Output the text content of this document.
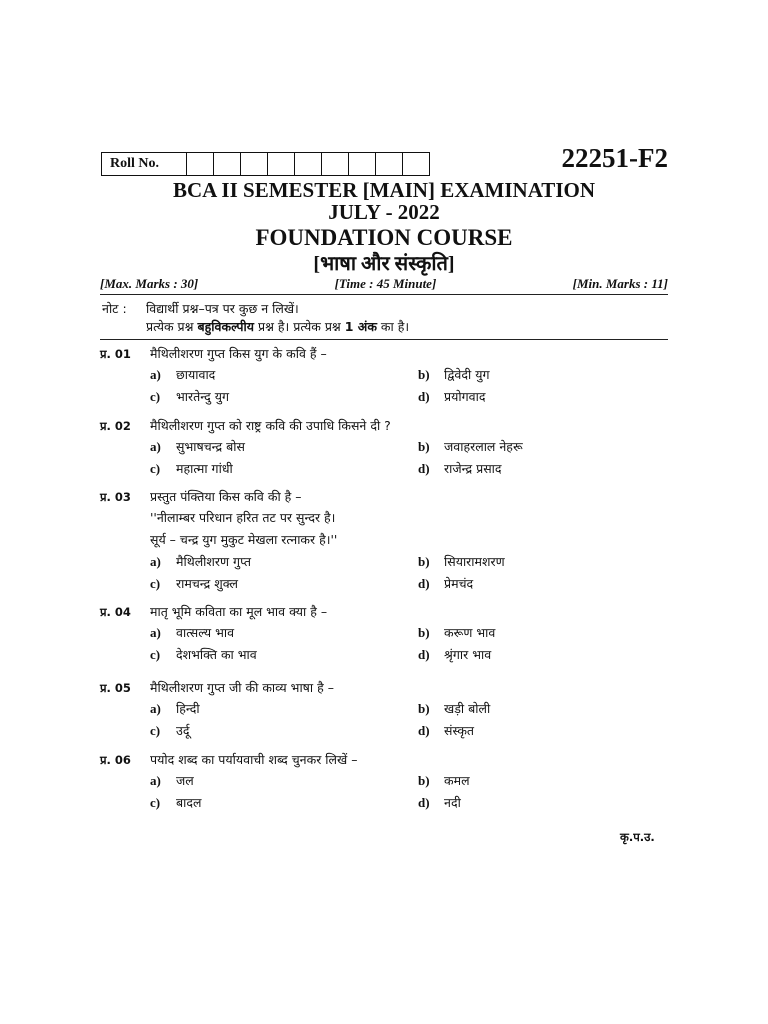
Roll No.	22251-F2
BCA II SEMESTER [MAIN] EXAMINATION
JULY - 2022
FOUNDATION COURSE
[भाषा और संस्कृति]
[Max. Marks : 30]	[Time : 45 Minute]	[Min. Marks : 11]
नोट : विद्यार्थी प्रश्न–पत्र पर कुछ न लिखें।
प्रत्येक प्रश्न बहुविकल्पीय प्रश्न है। प्रत्येक प्रश्न 1 अंक का है।
प्र. 01	मैथिलीशरण गुप्त किस युग के कवि हैं –
a)	छायावाद	b)	द्विवेदी युग
c)	भारतेन्दु युग	d)	प्रयोगवाद
प्र. 02	मैथिलीशरण गुप्त को राष्ट्र कवि की उपाधि किसने दी ?
a)	सुभाषचन्द्र बोस	b)	जवाहरलाल नेहरू
c)	महात्मा गांधी	d)	राजेन्द्र प्रसाद
प्र. 03	प्रस्तुत पंक्तिया किस कवि की है –
''नीलाम्बर परिधान हरित तट पर सुन्दर है।
सूर्य – चन्द्र युग मुकुट मेखला रत्नाकर है।''
a)	मैथिलीशरण गुप्त	b)	सियारामशरण
c)	रामचन्द्र शुक्ल	d)	प्रेमचंद
प्र. 04	मातृ भूमि कविता का मूल भाव क्या है –
a)	वात्सल्य भाव	b)	करूण भाव
c)	देशभक्ति का भाव	d)	श्रृंगार भाव
प्र. 05	मैथिलीशरण गुप्त जी की काव्य भाषा है –
a)	हिन्दी	b)	खड़ी बोली
c)	उर्दू	d)	संस्कृत
प्र. 06	पयोद शब्द का पर्यायवाची शब्द चुनकर लिखें –
a)	जल	b)	कमल
c)	बादल	d)	नदी
कृ.प.उ.
